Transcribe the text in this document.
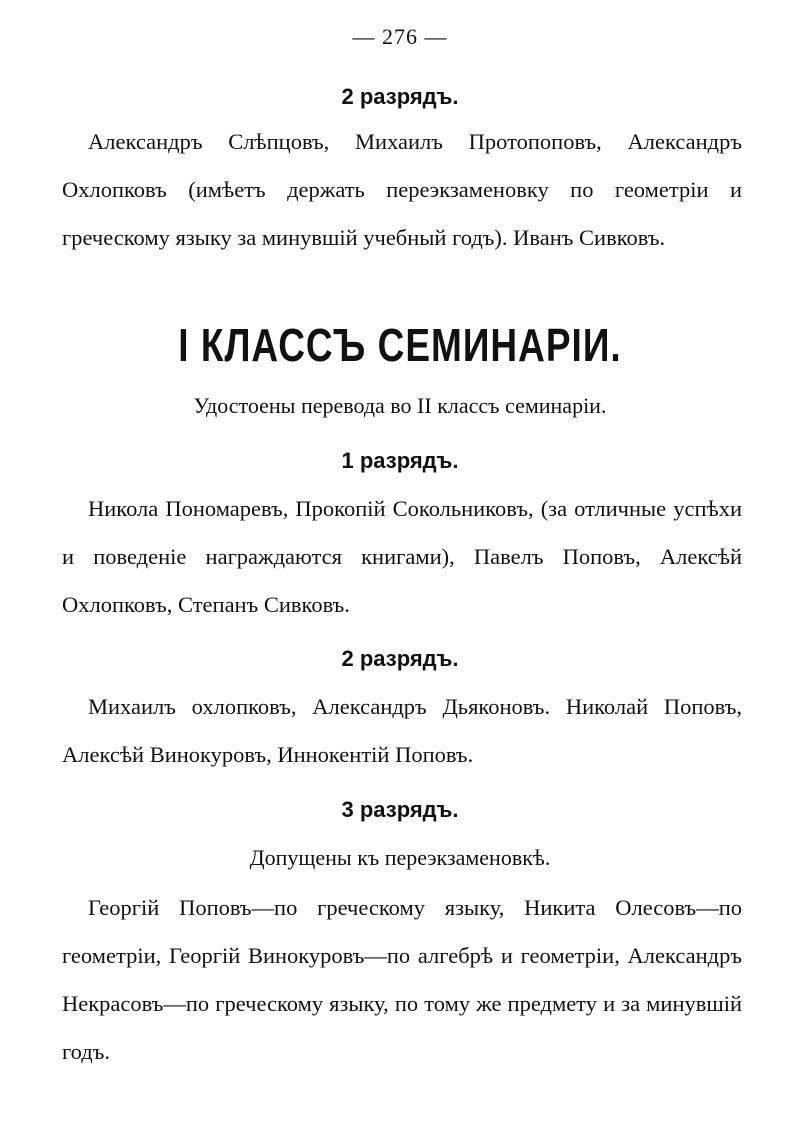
— 276 —
2 разрядъ.

Александръ Слѣпцовъ, Михаилъ Протопоповъ, Александръ Охлопковъ (имѣетъ держать переэкзаменовку по геометріи и греческому языку за минувшій учебный годъ). Иванъ Сивковъ.

I КЛАССЪ СЕМИНАРІИ.
Удостоены перевода во II классъ семинаріи.
1 разрядъ.

Никола Пономаревъ, Прокопій Сокольниковъ, (за отличные успѣхи и поведеніе награждаются книгами), Павелъ Поповъ, Алексѣй Охлопковъ, Степанъ Сивковъ.

2 разрядъ.

Михаилъ охлопковъ, Александръ Дьяконовъ. Николай Поповъ, Алексѣй Винокуровъ, Иннокентій Поповъ.

3 разрядъ.
Допущены къ переэкзаменовкѣ.

Георгій Поповъ—по греческому языку, Никита Олесовъ—по геометріи, Георгій Винокуровъ—по алгебрѣ и геометріи, Александръ Некрасовъ—по греческому языку, по тому же предмету и за минувшій годъ.
